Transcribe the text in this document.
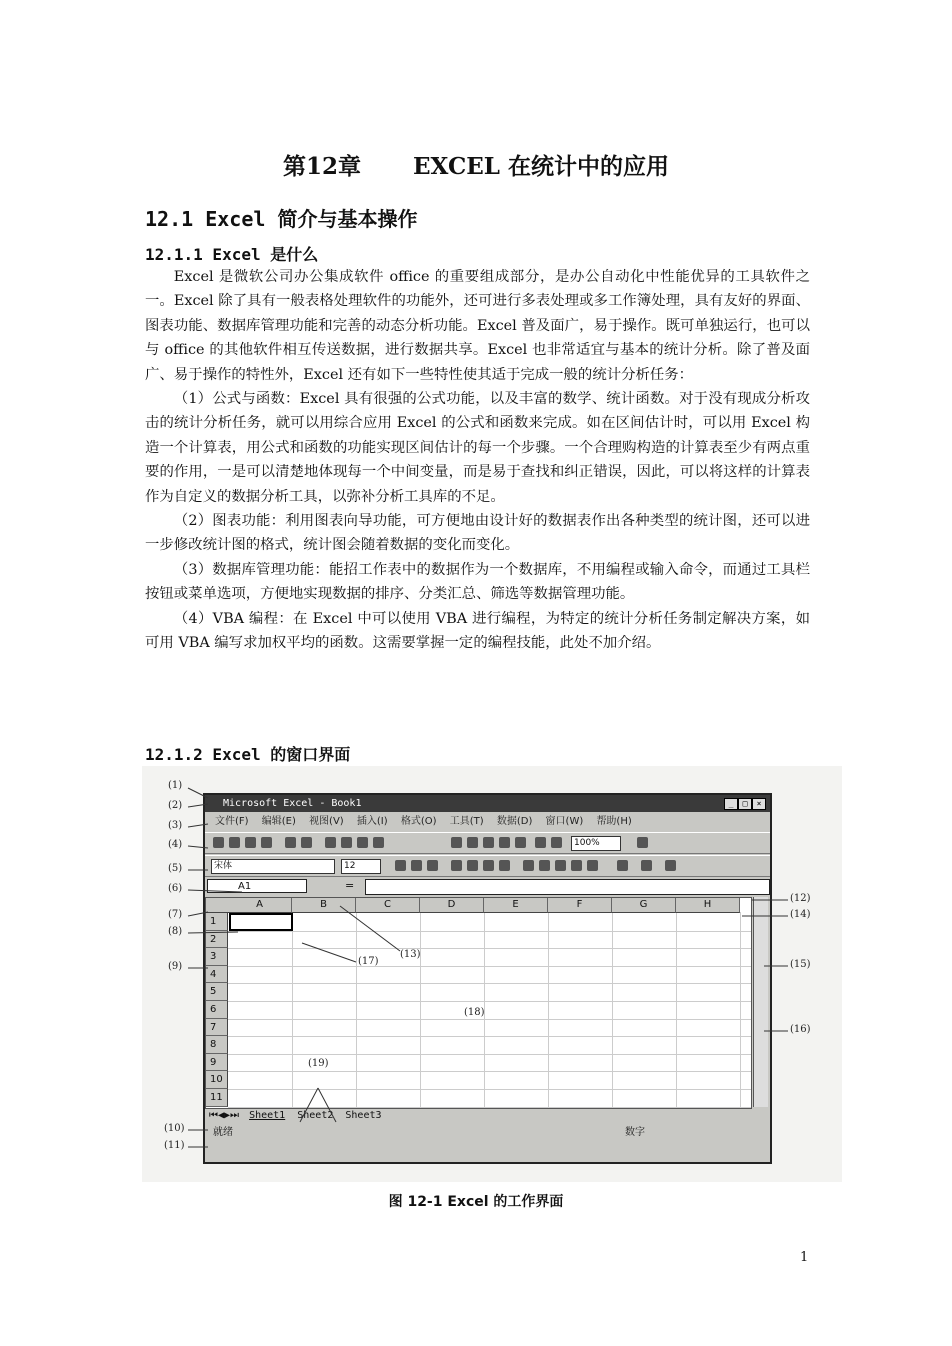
第12章 EXCEL 在统计中的应用
12.1 Excel 简介与基本操作
12.1.1 Excel 是什么

Excel 是微软公司办公集成软件 office 的重要组成部分，是办公自动化中性能优异的工具软件之一。Excel 除了具有一般表格处理软件的功能外，还可进行多表处理或多工作簿处理，具有友好的界面、图表功能、数据库管理功能和完善的动态分析功能。Excel 普及面广，易于操作。既可单独运行，也可以与 office 的其他软件相互传送数据，进行数据共享。Excel 也非常适宜与基本的统计分析。除了普及面广、易于操作的特性外，Excel 还有如下一些特性使其适于完成一般的统计分析任务：

（1）公式与函数：Excel 具有很强的公式功能，以及丰富的数学、统计函数。对于没有现成分析攻击的统计分析任务，就可以用综合应用 Excel 的公式和函数来完成。如在区间估计时，可以用 Excel 构造一个计算表，用公式和函数的功能实现区间估计的每一个步骤。一个合理购构造的计算表至少有两点重要的作用，一是可以清楚地体现每一个中间变量，而是易于查找和纠正错误，因此，可以将这样的计算表作为自定义的数据分析工具，以弥补分析工具库的不足。

（2）图表功能：利用图表向导功能，可方便地由设计好的数据表作出各种类型的统计图，还可以进一步修改统计图的格式，统计图会随着数据的变化而变化。

（3）数据库管理功能：能招工作表中的数据作为一个数据库，不用编程或输入命令，而通过工具栏按钮或菜单选项，方便地实现数据的排序、分类汇总、筛选等数据管理功能。

（4）VBA 编程：在 Excel 中可以使用 VBA 进行编程，为特定的统计分析任务制定解决方案，如可用 VBA 编写求加权平均的函数。这需要掌握一定的编程技能，此处不加介绍。

12.1.2 Excel 的窗口界面
Microsoft Excel - Book1	_	□	×
文件(F) 编辑(E) 视图(V) 插入(I) 格式(O) 工具(T) 数据(D) 窗口(W) 帮助(H)
100%
宋体	12
A1	=
A	B	C	D	E	F	G	H
1
2
3
4
5
6
7
8
9
10
11
⏮◀▶⏭ Sheet1 Sheet2 Sheet3
就绪	数字
(1)
(2)
(3)
(4)
(5)
(6)
(7)
(8)
(9)
(10)
(11)
(12)
(14)
(15)
(16)
(13)
(17)
(18)
(19)
图 12-1 Excel 的工作界面
1
